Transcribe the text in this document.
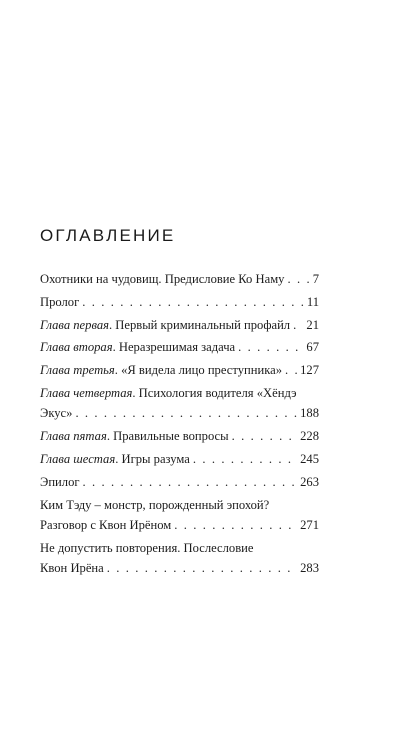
ОГЛАВЛЕНИЕ
Охотники на чудовищ. Предисловие Ко Наму . . . 7
Пролог . . .	11
Глава первая. Первый криминальный профайл . . . 21
Глава вторая. Неразрешимая задача . . .	67
Глава третья. «Я видела лицо преступника» . . . 127
Глава четвертая. Психология водителя «Хёндэ
Экус» . . .	188
Глава пятая. Правильные вопросы . . .	228
Глава шестая. Игры разума . . .	245
Эпилог . . .	263
Ким Тэду – монстр, порожденный эпохой?
Разговор с Квон Ирёном . . .	271
Не допустить повторения. Послесловие
Квон Ирёна . . .	283
